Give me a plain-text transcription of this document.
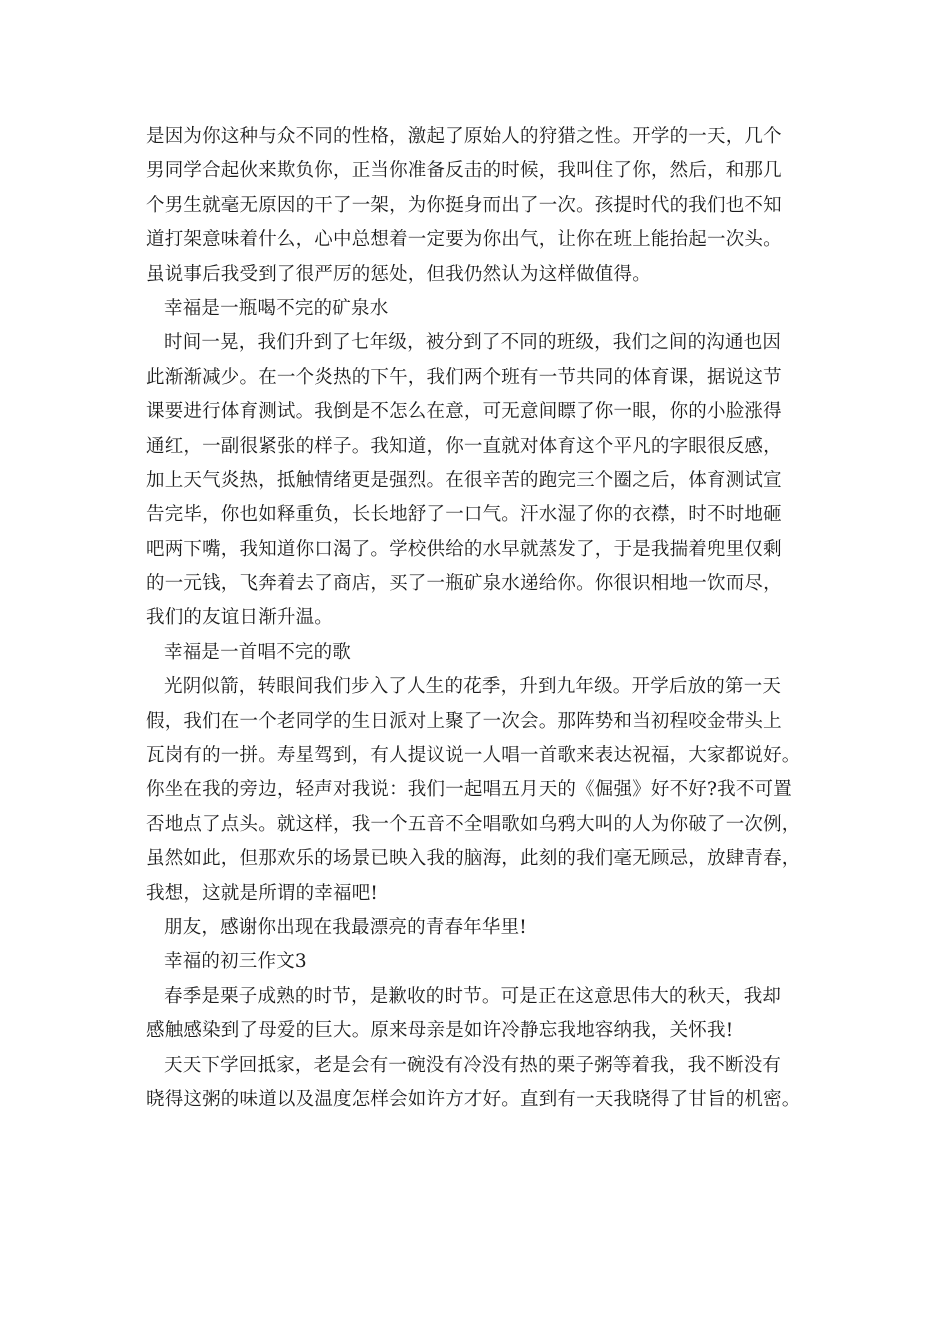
是因为你这种与众不同的性格，激起了原始人的狩猎之性。开学的一天，几个
男同学合起伙来欺负你，正当你准备反击的时候，我叫住了你，然后，和那几
个男生就毫无原因的干了一架，为你挺身而出了一次。孩提时代的我们也不知
道打架意味着什么，心中总想着一定要为你出气，让你在班上能抬起一次头。
虽说事后我受到了很严厉的惩处，但我仍然认为这样做值得。
幸福是一瓶喝不完的矿泉水
时间一晃，我们升到了七年级，被分到了不同的班级，我们之间的沟通也因
此渐渐减少。在一个炎热的下午，我们两个班有一节共同的体育课，据说这节
课要进行体育测试。我倒是不怎么在意，可无意间瞟了你一眼，你的小脸涨得
通红，一副很紧张的样子。我知道，你一直就对体育这个平凡的字眼很反感，
加上天气炎热，抵触情绪更是强烈。在很辛苦的跑完三个圈之后，体育测试宣
告完毕，你也如释重负，长长地舒了一口气。汗水湿了你的衣襟，时不时地砸
吧两下嘴，我知道你口渴了。学校供给的水早就蒸发了，于是我揣着兜里仅剩
的一元钱，飞奔着去了商店，买了一瓶矿泉水递给你。你很识相地一饮而尽，
我们的友谊日渐升温。
幸福是一首唱不完的歌
光阴似箭，转眼间我们步入了人生的花季，升到九年级。开学后放的第一天
假，我们在一个老同学的生日派对上聚了一次会。那阵势和当初程咬金带头上
瓦岗有的一拼。寿星驾到，有人提议说一人唱一首歌来表达祝福，大家都说好。
你坐在我的旁边，轻声对我说：我们一起唱五月天的《倔强》好不好?我不可置
否地点了点头。就这样，我一个五音不全唱歌如乌鸦大叫的人为你破了一次例，
虽然如此，但那欢乐的场景已映入我的脑海，此刻的我们毫无顾忌，放肆青春，
我想，这就是所谓的幸福吧!
朋友，感谢你出现在我最漂亮的青春年华里!
幸福的初三作文3
春季是栗子成熟的时节，是歉收的时节。可是正在这意思伟大的秋天，我却
感触感染到了母爱的巨大。原来母亲是如许冷静忘我地容纳我，关怀我!
天天下学回抵家，老是会有一碗没有冷没有热的栗子粥等着我，我不断没有
晓得这粥的味道以及温度怎样会如许方才好。直到有一天我晓得了甘旨的机密。
